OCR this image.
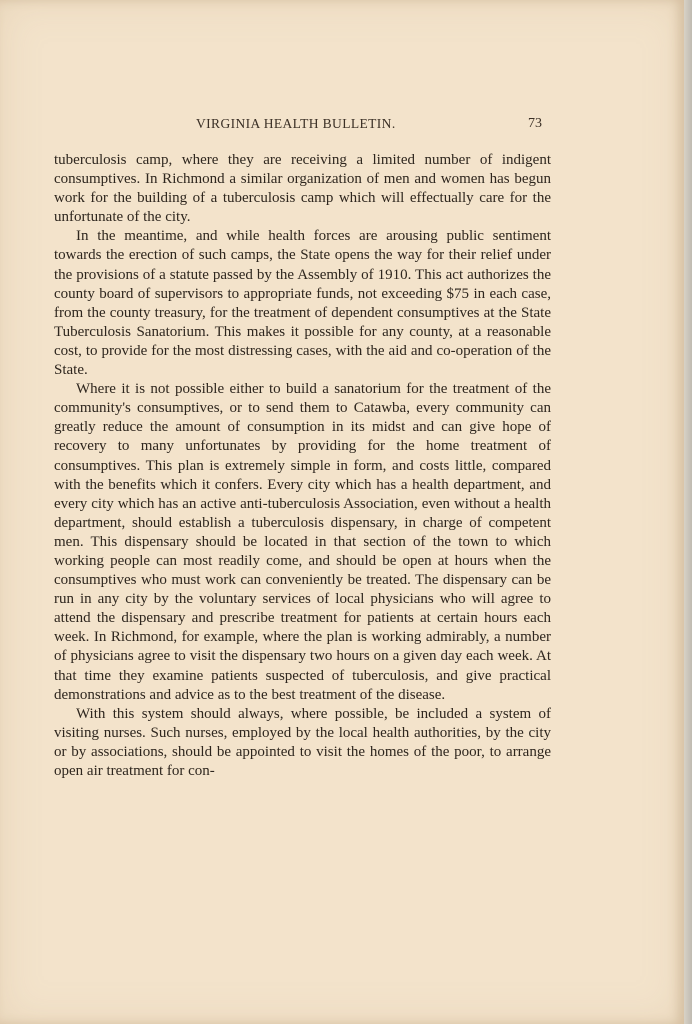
VIRGINIA HEALTH BULLETIN.	73

tuberculosis camp, where they are receiving a limited number of indigent consumptives. In Richmond a similar organization of men and women has begun work for the building of a tuberculosis camp which will effectually care for the unfortunate of the city.

In the meantime, and while health forces are arousing public sentiment towards the erection of such camps, the State opens the way for their relief under the provisions of a statute passed by the Assembly of 1910. This act authorizes the county board of supervisors to appropriate funds, not exceeding $75 in each case, from the county treasury, for the treatment of dependent consumptives at the State Tuberculosis Sanatorium. This makes it possible for any county, at a reasonable cost, to provide for the most distressing cases, with the aid and co-operation of the State.

Where it is not possible either to build a sanatorium for the treatment of the community's consumptives, or to send them to Catawba, every community can greatly reduce the amount of consumption in its midst and can give hope of recovery to many unfortunates by providing for the home treatment of consumptives. This plan is extremely simple in form, and costs little, compared with the benefits which it confers. Every city which has a health department, and every city which has an active anti-tuberculosis Association, even without a health department, should establish a tuberculosis dispensary, in charge of competent men. This dispensary should be located in that section of the town to which working people can most readily come, and should be open at hours when the consumptives who must work can conveniently be treated. The dispensary can be run in any city by the voluntary services of local physicians who will agree to attend the dispensary and prescribe treatment for patients at certain hours each week. In Richmond, for example, where the plan is working admirably, a number of physicians agree to visit the dispensary two hours on a given day each week. At that time they examine patients suspected of tuberculosis, and give practical demonstrations and advice as to the best treatment of the disease.

With this system should always, where possible, be included a system of visiting nurses. Such nurses, employed by the local health authorities, by the city or by associations, should be appointed to visit the homes of the poor, to arrange open air treatment for con-
